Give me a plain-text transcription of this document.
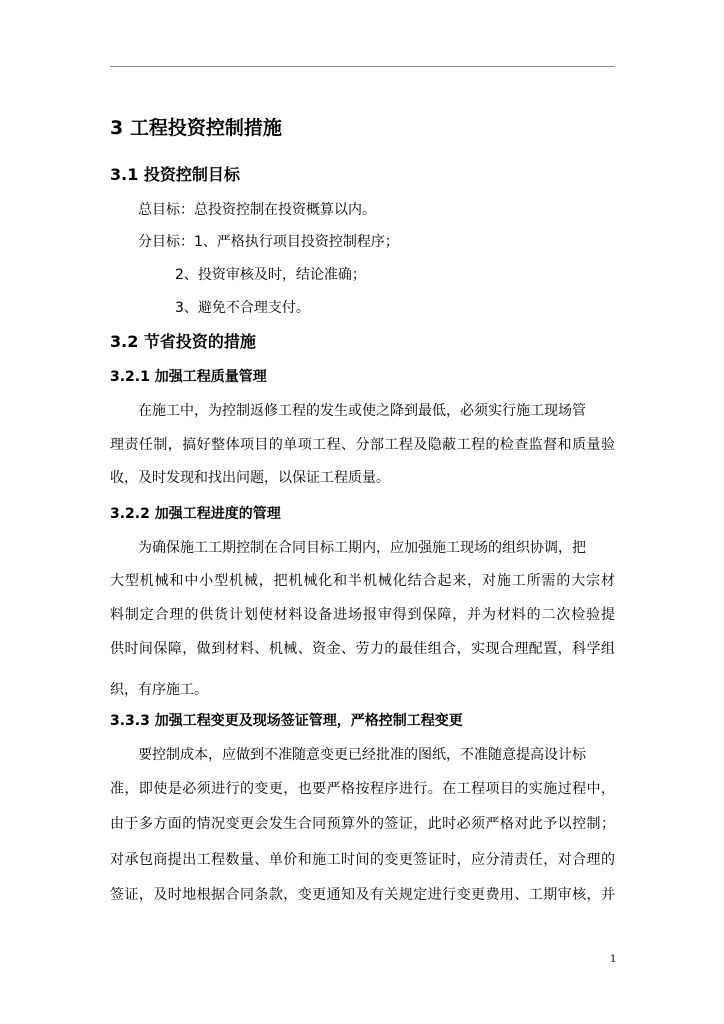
3 工程投资控制措施
3.1 投资控制目标

总目标：总投资控制在投资概算以内。

分目标：1、严格执行项目投资控制程序；

2、投资审核及时，结论准确；

3、避免不合理支付。

3.2 节省投资的措施
3.2.1 加强工程质量管理

在施工中，为控制返修工程的发生或使之降到最低，必须实行施工现场管

理责任制，搞好整体项目的单项工程、分部工程及隐蔽工程的检查监督和质量验

收，及时发现和找出问题，以保证工程质量。

3.2.2 加强工程进度的管理

为确保施工工期控制在合同目标工期内，应加强施工现场的组织协调，把

大型机械和中小型机械，把机械化和半机械化结合起来，对施工所需的大宗材

料制定合理的供货计划使材料设备进场报审得到保障，并为材料的二次检验提

供时间保障，做到材料、机械、资金、劳力的最佳组合，实现合理配置，科学组

织，有序施工。

3.3.3 加强工程变更及现场签证管理，严格控制工程变更

要控制成本，应做到不准随意变更已经批准的图纸，不准随意提高设计标

准，即使是必须进行的变更，也要严格按程序进行。在工程项目的实施过程中，

由于多方面的情况变更会发生合同预算外的签证，此时必须严格对此予以控制；

对承包商提出工程数量、单价和施工时间的变更签证时，应分清责任，对合理的

签证，及时地根据合同条款，变更通知及有关规定进行变更费用、工期审核，并

1
